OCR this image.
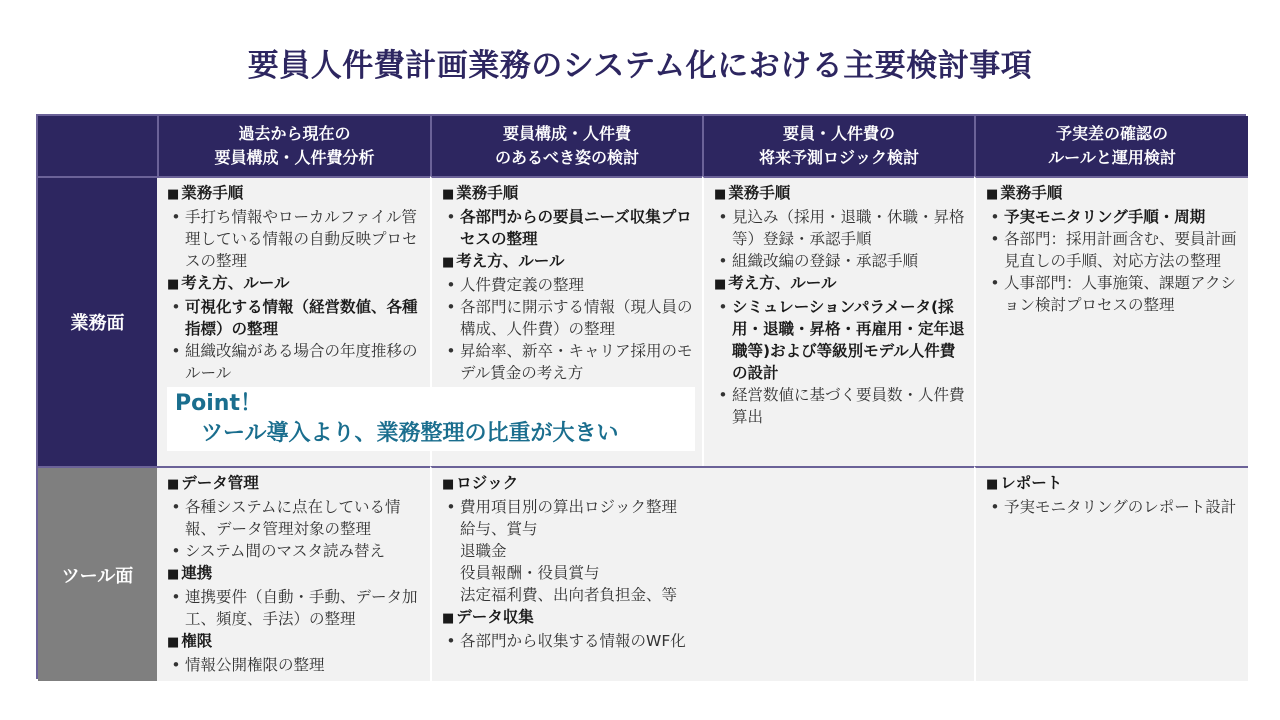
要員人件費計画業務のシステム化における主要検討事項
過去から現在の
要員構成・人件費分析
要員構成・人件費
のあるべき姿の検討
要員・人件費の
将来予測ロジック検討
予実差の確認の
ルールと運用検討
業務面
■ 業務手順
• 手打ち情報やローカルファイル管理している情報の自動反映プロセスの整理
■ 考え方、ルール
• 可視化する情報（経営数値、各種指標）の整理
• 組織改編がある場合の年度推移のルール
■ 業務手順
• 各部門からの要員ニーズ収集プロセスの整理
■ 考え方、ルール
• 人件費定義の整理
• 各部門に開示する情報（現人員の構成、人件費）の整理
• 昇給率、新卒・キャリア採用のモデル賃金の考え方
■ 業務手順
• 見込み（採用・退職・休職・昇格等）登録・承認手順
• 組織改編の登録・承認手順
■ 考え方、ルール
• シミュレーションパラメータ(採用・退職・昇格・再雇用・定年退職等)および等級別モデル人件費の設計
• 経営数値に基づく要員数・人件費算出
■ 業務手順
• 予実モニタリング手順・周期
• 各部門：採用計画含む、要員計画見直しの手順、対応方法の整理
• 人事部門：人事施策、課題アクション検討プロセスの整理
ツール面
■ データ管理
• 各種システムに点在している情報、データ管理対象の整理
• システム間のマスタ読み替え
■ 連携
• 連携要件（自動・手動、データ加工、頻度、手法）の整理
■ 権限
• 情報公開権限の整理
■ ロジック
• 費用項目別の算出ロジック整理
給与、賞与
退職金
役員報酬・役員賞与
法定福利費、出向者負担金、等
■ データ収集
• 各部門から収集する情報のWF化
■ レポート
• 予実モニタリングのレポート設計
Point！
ツール導入より、業務整理の比重が大きい
